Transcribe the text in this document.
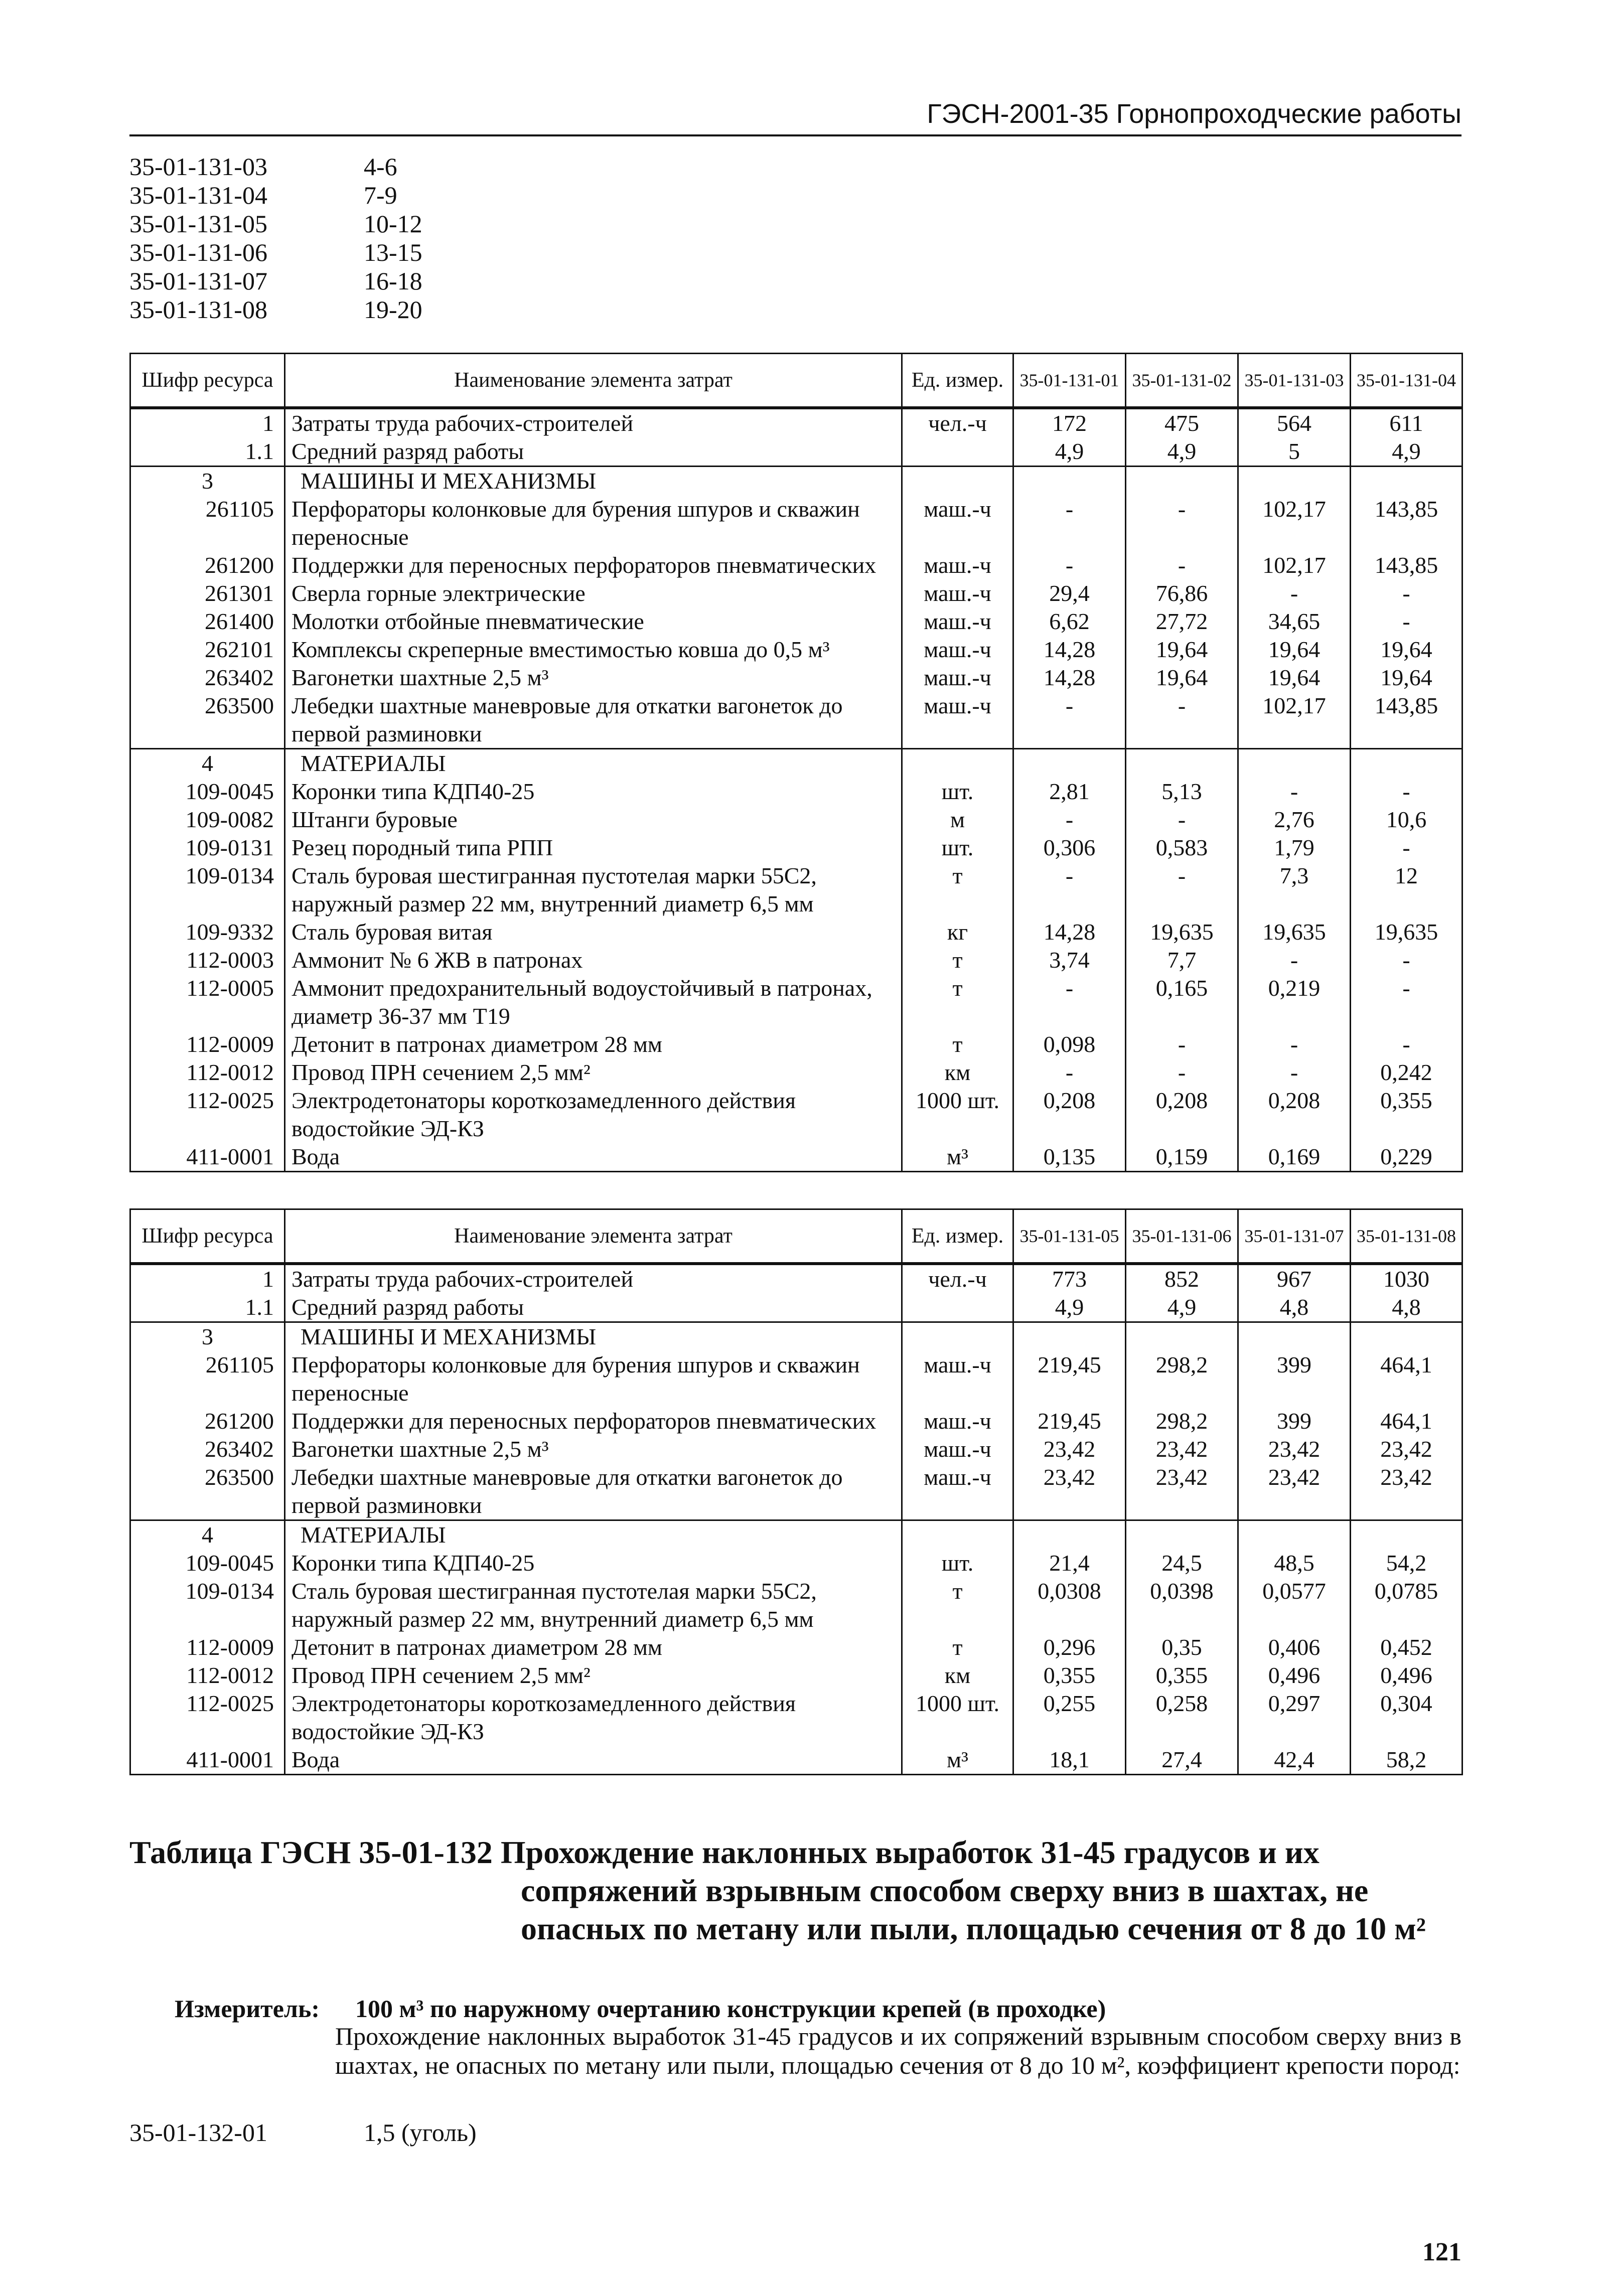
ГЭСН-2001-35 Горнопроходческие работы
35-01-131-03	4-6
35-01-131-04	7-9
35-01-131-05	10-12
35-01-131-06	13-15
35-01-131-07	16-18
35-01-131-08	19-20
Шифр ресурса	Наименование элемента затрат	Ед. измер.	35-01-131-01	35-01-131-02	35-01-131-03	35-01-131-04
1	Затраты труда рабочих-строителей	чел.-ч	172	475	564	611
1.1	Средний разряд работы		4,9	4,9	5	4,9
3	МАШИНЫ И МЕХАНИЗМЫ					
261105	Перфораторы колонковые для бурения шпуров и скважин переносные	маш.-ч	-	-	102,17	143,85
261200	Поддержки для переносных перфораторов пневматических	маш.-ч	-	-	102,17	143,85
261301	Сверла горные электрические	маш.-ч	29,4	76,86	-	-
261400	Молотки отбойные пневматические	маш.-ч	6,62	27,72	34,65	-
262101	Комплексы скреперные вместимостью ковша до 0,5 м³	маш.-ч	14,28	19,64	19,64	19,64
263402	Вагонетки шахтные 2,5 м³	маш.-ч	14,28	19,64	19,64	19,64
263500	Лебедки шахтные маневровые для откатки вагонеток до первой разминовки	маш.-ч	-	-	102,17	143,85
4	МАТЕРИАЛЫ					
109-0045	Коронки типа КДП40-25	шт.	2,81	5,13	-	-
109-0082	Штанги буровые	м	-	-	2,76	10,6
109-0131	Резец породный типа РПП	шт.	0,306	0,583	1,79	-
109-0134	Сталь буровая шестигранная пустотелая марки 55С2, наружный размер 22 мм, внутренний диаметр 6,5 мм	т	-	-	7,3	12
109-9332	Сталь буровая витая	кг	14,28	19,635	19,635	19,635
112-0003	Аммонит № 6 ЖВ в патронах	т	3,74	7,7	-	-
112-0005	Аммонит предохранительный водоустойчивый в патронах, диаметр 36-37 мм Т19	т	-	0,165	0,219	-
112-0009	Детонит в патронах диаметром 28 мм	т	0,098	-	-	-
112-0012	Провод ПРН сечением 2,5 мм²	км	-	-	-	0,242
112-0025	Электродетонаторы короткозамедленного действия водостойкие ЭД-КЗ	1000 шт.	0,208	0,208	0,208	0,355
411-0001	Вода	м³	0,135	0,159	0,169	0,229
Шифр ресурса	Наименование элемента затрат	Ед. измер.	35-01-131-05	35-01-131-06	35-01-131-07	35-01-131-08
1	Затраты труда рабочих-строителей	чел.-ч	773	852	967	1030
1.1	Средний разряд работы		4,9	4,9	4,8	4,8
3	МАШИНЫ И МЕХАНИЗМЫ					
261105	Перфораторы колонковые для бурения шпуров и скважин переносные	маш.-ч	219,45	298,2	399	464,1
261200	Поддержки для переносных перфораторов пневматических	маш.-ч	219,45	298,2	399	464,1
263402	Вагонетки шахтные 2,5 м³	маш.-ч	23,42	23,42	23,42	23,42
263500	Лебедки шахтные маневровые для откатки вагонеток до первой разминовки	маш.-ч	23,42	23,42	23,42	23,42
4	МАТЕРИАЛЫ					
109-0045	Коронки типа КДП40-25	шт.	21,4	24,5	48,5	54,2
109-0134	Сталь буровая шестигранная пустотелая марки 55С2, наружный размер 22 мм, внутренний диаметр 6,5 мм	т	0,0308	0,0398	0,0577	0,0785
112-0009	Детонит в патронах диаметром 28 мм	т	0,296	0,35	0,406	0,452
112-0012	Провод ПРН сечением 2,5 мм²	км	0,355	0,355	0,496	0,496
112-0025	Электродетонаторы короткозамедленного действия водостойкие ЭД-КЗ	1000 шт.	0,255	0,258	0,297	0,304
411-0001	Вода	м³	18,1	27,4	42,4	58,2
Таблица ГЭСН 35-01-132 Прохождение наклонных выработок 31-45 градусов и их
сопряжений взрывным способом сверху вниз в шахтах, не
опасных по метану или пыли, площадью сечения от 8 до 10 м²
Измеритель: 100 м³ по наружному очертанию конструкции крепей (в проходке)
Прохождение наклонных выработок 31-45 градусов и их сопряжений взрывным способом сверху вниз в шахтах, не опасных по метану или пыли, площадью сечения от 8 до 10 м², коэффициент крепости пород:
35-01-132-01	1,5 (уголь)
121
